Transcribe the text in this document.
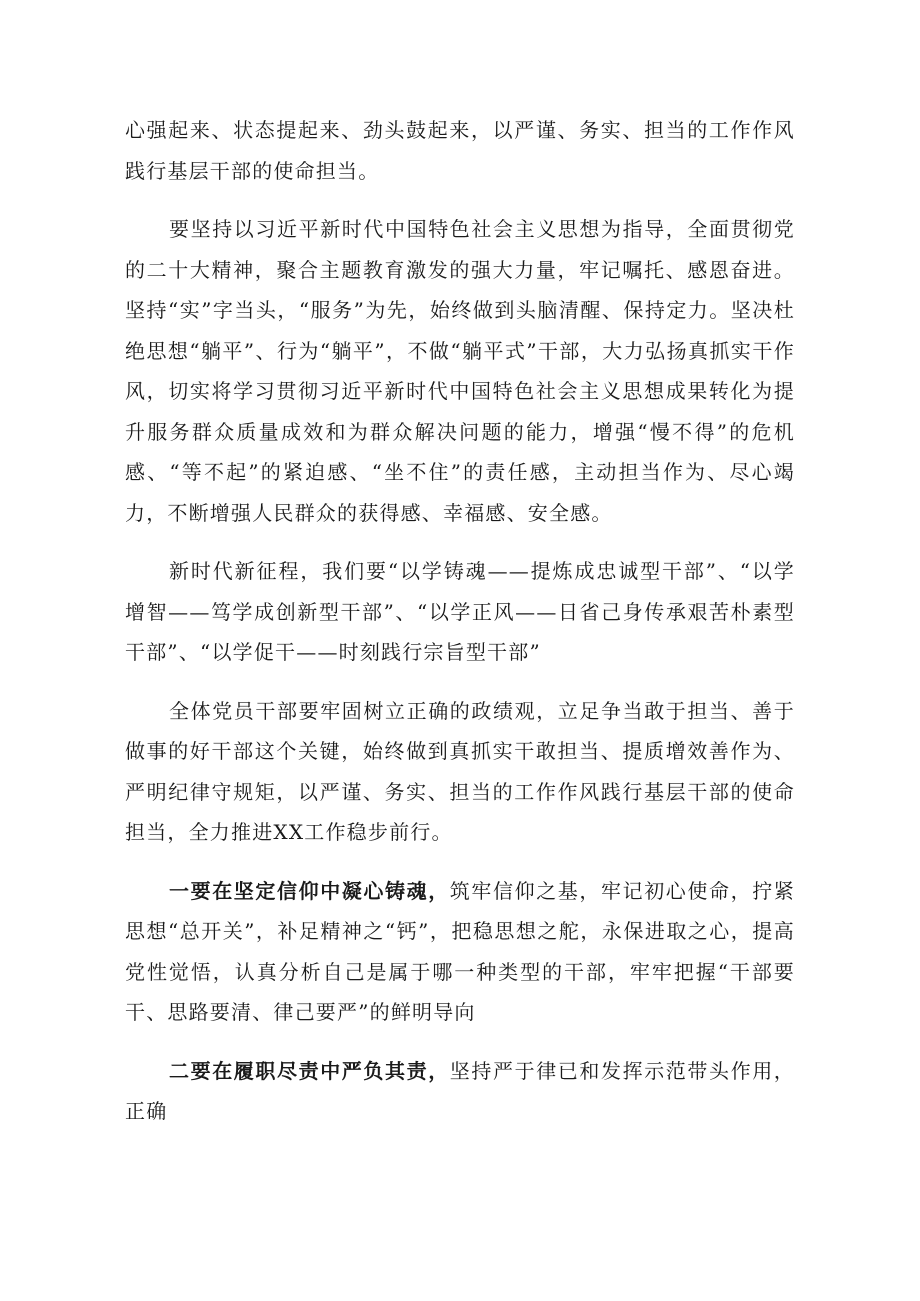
心强起来、状态提起来、劲头鼓起来，以严谨、务实、担当的工作作风践行基层干部的使命担当。

要坚持以习近平新时代中国特色社会主义思想为指导，全面贯彻党的二十大精神，聚合主题教育激发的强大力量，牢记嘱托、感恩奋进。坚持“实”字当头，“服务”为先，始终做到头脑清醒、保持定力。坚决杜绝思想“躺平”、行为“躺平”，不做“躺平式”干部，大力弘扬真抓实干作风，切实将学习贯彻习近平新时代中国特色社会主义思想成果转化为提升服务群众质量成效和为群众解决问题的能力，增强“慢不得”的危机感、“等不起”的紧迫感、“坐不住”的责任感，主动担当作为、尽心竭力，不断增强人民群众的获得感、幸福感、安全感。

新时代新征程，我们要“以学铸魂——提炼成忠诚型干部”、“以学增智——笃学成创新型干部”、“以学正风——日省己身传承艰苦朴素型干部”、“以学促干——时刻践行宗旨型干部”

全体党员干部要牢固树立正确的政绩观，立足争当敢于担当、善于做事的好干部这个关键，始终做到真抓实干敢担当、提质增效善作为、严明纪律守规矩，以严谨、务实、担当的工作作风践行基层干部的使命担当，全力推进XX工作稳步前行。

一要在坚定信仰中凝心铸魂，筑牢信仰之基，牢记初心使命，拧紧思想“总开关”，补足精神之“钙”，把稳思想之舵，永保进取之心，提高党性觉悟，认真分析自己是属于哪一种类型的干部，牢牢把握“干部要干、思路要清、律己要严”的鲜明导向

二要在履职尽责中严负其责，坚持严于律已和发挥示范带头作用，正确
